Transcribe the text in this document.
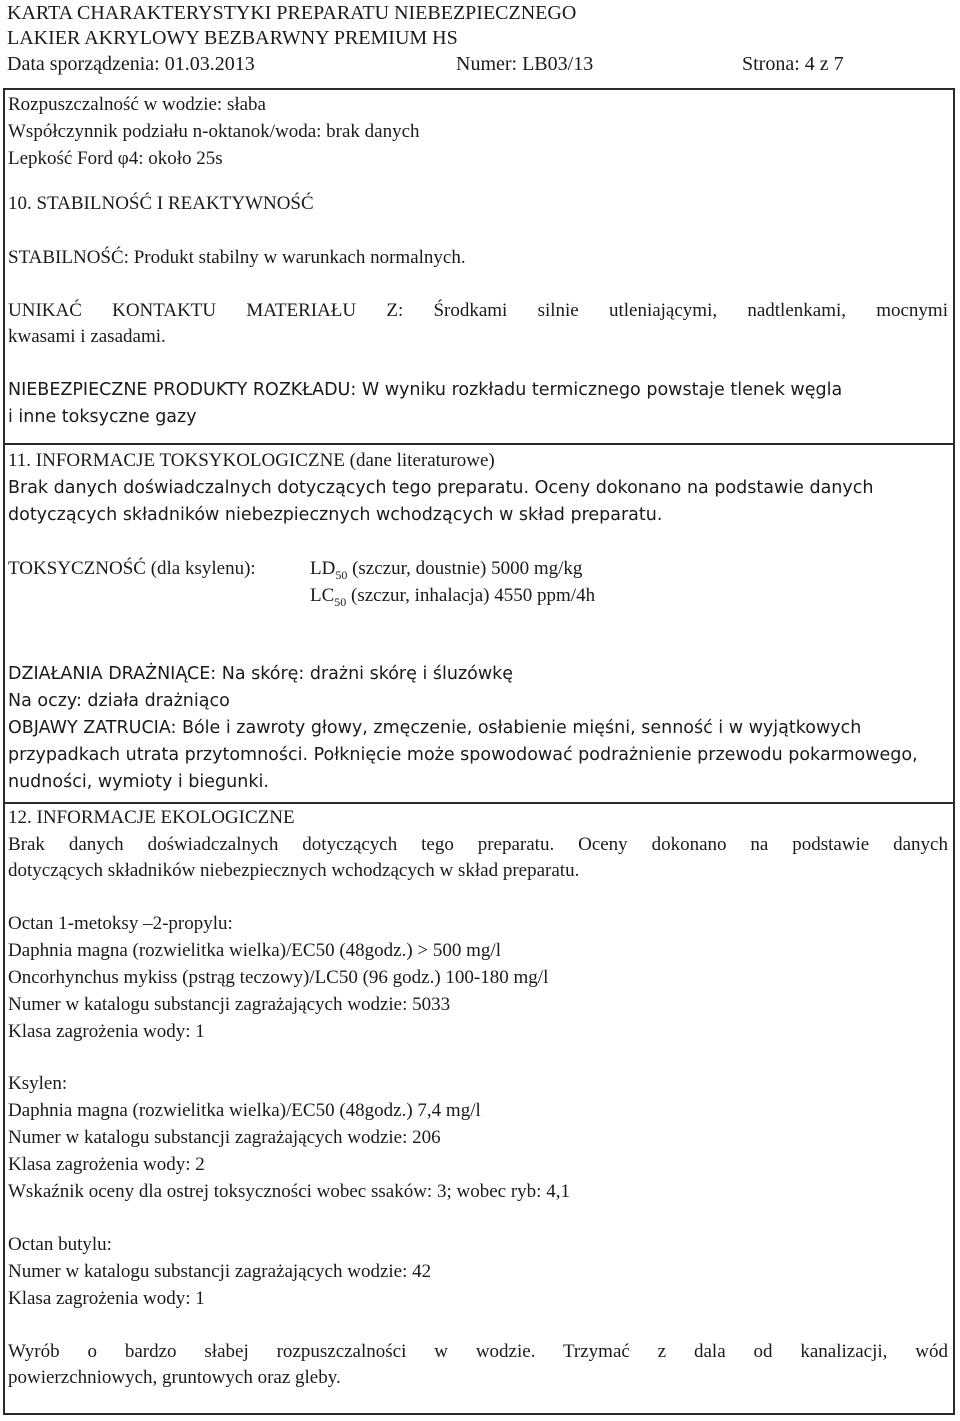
KARTA CHARAKTERYSTYKI PREPARATU NIEBEZPIECZNEGO
LAKIER AKRYLOWY BEZBARWNY PREMIUM HS
Data sporządzenia: 01.03.2013	Numer: LB03/13	Strona: 4 z 7
Rozpuszczalność w wodzie: słaba
Współczynnik podziału n-oktanok/woda: brak danych
Lepkość Ford φ4: około 25s
10. STABILNOŚĆ I REAKTYWNOŚĆ
STABILNOŚĆ: Produkt stabilny w warunkach normalnych.
UNIKAĆ KONTAKTU MATERIAŁU Z: Środkami silnie utleniającymi, nadtlenkami, mocnymi
kwasami i zasadami.
NIEBEZPIECZNE PRODUKTY ROZKŁADU: W wyniku rozkładu termicznego powstaje tlenek węgla
i inne toksyczne gazy
11. INFORMACJE TOKSYKOLOGICZNE (dane literaturowe)
Brak danych doświadczalnych dotyczących tego preparatu. Oceny dokonano na podstawie danych
dotyczących składników niebezpiecznych wchodzących w skład preparatu.
TOKSYCZNOŚĆ (dla ksylenu):	$LD_{50}$ (szczur, doustnie) 5000 mg/kg
$LC_{50}$ (szczur, inhalacja) 4550 ppm/4h
DZIAŁANIA DRAŻNIĄCE: Na skórę: drażni skórę i śluzówkę
Na oczy: działa drażniąco
OBJAWY ZATRUCIA: Bóle i zawroty głowy, zmęczenie, osłabienie mięśni, senność i w wyjątkowych
przypadkach utrata przytomności. Połknięcie może spowodować podrażnienie przewodu pokarmowego,
nudności, wymioty i biegunki.
12. INFORMACJE EKOLOGICZNE
Brak danych doświadczalnych dotyczących tego preparatu. Oceny dokonano na podstawie danych
dotyczących składników niebezpiecznych wchodzących w skład preparatu.
Octan 1-metoksy –2-propylu:
Daphnia magna (rozwielitka wielka)/EC50 (48godz.) > 500 mg/l
Oncorhynchus mykiss (pstrąg teczowy)/LC50 (96 godz.) 100-180 mg/l
Numer w katalogu substancji zagrażających wodzie: 5033
Klasa zagrożenia wody: 1
Ksylen:
Daphnia magna (rozwielitka wielka)/EC50 (48godz.) 7,4 mg/l
Numer w katalogu substancji zagrażających wodzie: 206
Klasa zagrożenia wody: 2
Wskaźnik oceny dla ostrej toksyczności wobec ssaków: 3; wobec ryb: 4,1
Octan butylu:
Numer w katalogu substancji zagrażających wodzie: 42
Klasa zagrożenia wody: 1
Wyrób o bardzo słabej rozpuszczalności w wodzie. Trzymać z dala od kanalizacji, wód
powierzchniowych, gruntowych oraz gleby.
